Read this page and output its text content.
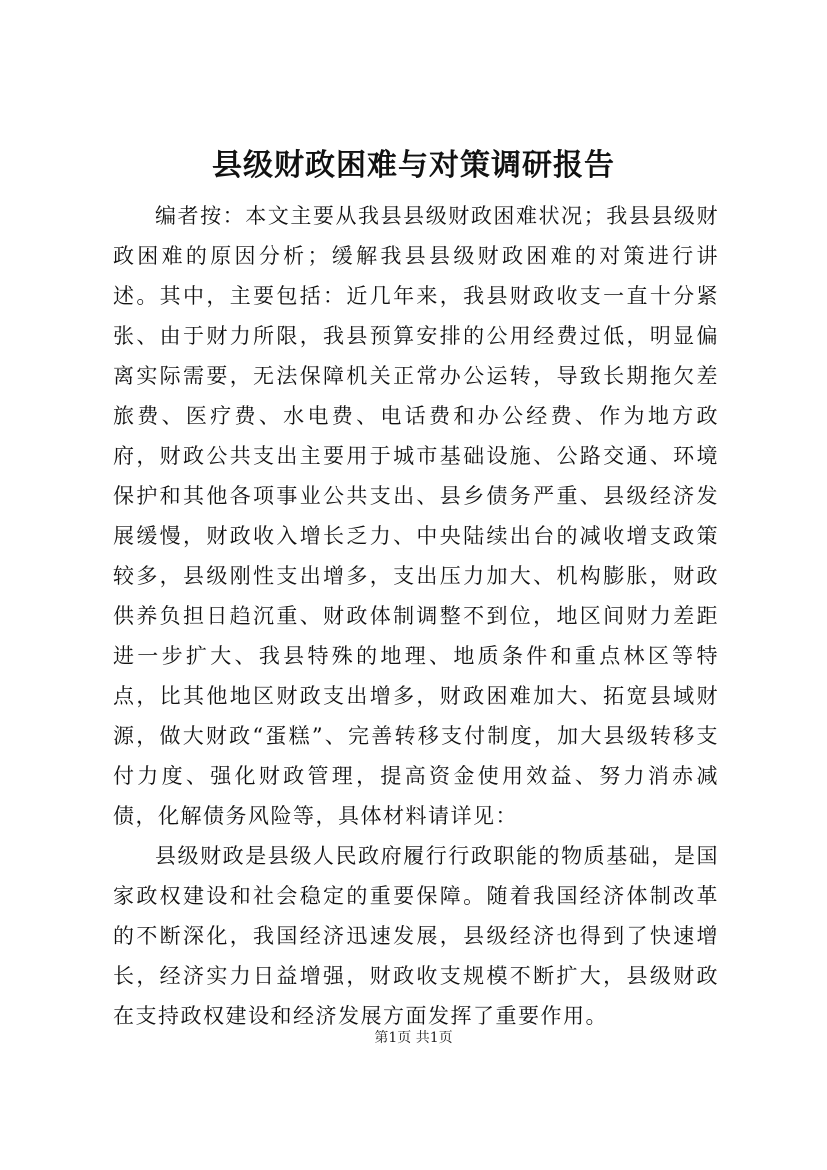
县级财政困难与对策调研报告

编者按：本文主要从我县县级财政困难状况；我县县级财政困难的原因分析；缓解我县县级财政困难的对策进行讲述。其中，主要包括：近几年来，我县财政收支一直十分紧张、由于财力所限，我县预算安排的公用经费过低，明显偏离实际需要，无法保障机关正常办公运转，导致长期拖欠差旅费、医疗费、水电费、电话费和办公经费、作为地方政府，财政公共支出主要用于城市基础设施、公路交通、环境保护和其他各项事业公共支出、县乡债务严重、县级经济发展缓慢，财政收入增长乏力、中央陆续出台的减收增支政策较多，县级刚性支出增多，支出压力加大、机构膨胀，财政供养负担日趋沉重、财政体制调整不到位，地区间财力差距进一步扩大、我县特殊的地理、地质条件和重点林区等特点，比其他地区财政支出增多，财政困难加大、拓宽县域财源，做大财政“蛋糕”、完善转移支付制度，加大县级转移支付力度、强化财政管理，提高资金使用效益、努力消赤减债，化解债务风险等，具体材料请详见：

县级财政是县级人民政府履行行政职能的物质基础，是国家政权建设和社会稳定的重要保障。随着我国经济体制改革的不断深化，我国经济迅速发展，县级经济也得到了快速增长，经济实力日益增强，财政收支规模不断扩大，县级财政在支持政权建设和经济发展方面发挥了重要作用。

第1页 共1页
